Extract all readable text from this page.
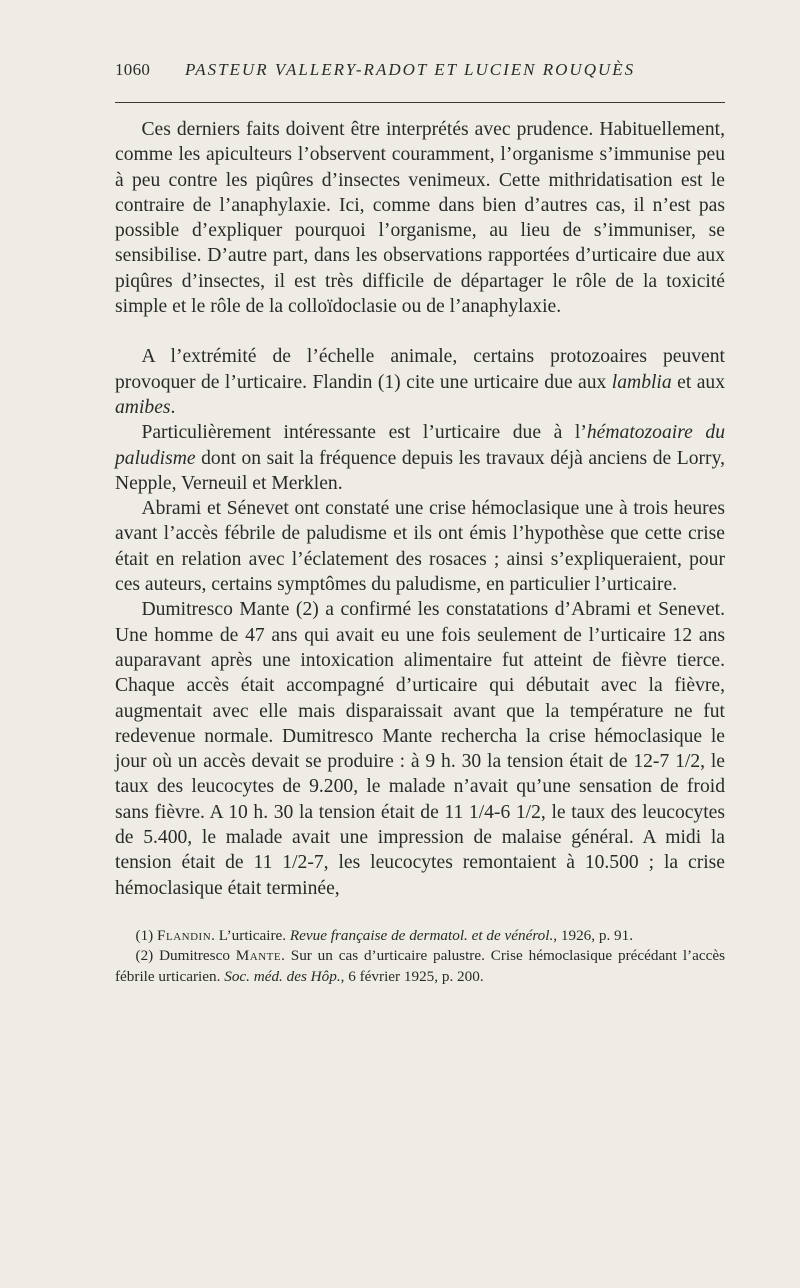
1060	PASTEUR VALLERY-RADOT ET LUCIEN ROUQUÈS

Ces derniers faits doivent être interprétés avec prudence. Habituellement, comme les apiculteurs l’observent couramment, l’organisme s’immunise peu à peu contre les piqûres d’insectes venimeux. Cette mithridatisation est le contraire de l’anaphylaxie. Ici, comme dans bien d’autres cas, il n’est pas possible d’expliquer pourquoi l’organisme, au lieu de s’immuniser, se sensibilise. D’autre part, dans les observations rapportées d’urticaire due aux piqûres d’insectes, il est très difficile de départager le rôle de la toxicité simple et le rôle de la colloïdoclasie ou de l’anaphylaxie.

A l’extrémité de l’échelle animale, certains protozoaires peuvent provoquer de l’urticaire. Flandin (1) cite une urticaire due aux lamblia et aux amibes.

Particulièrement intéressante est l’urticaire due à l’hématozoaire du paludisme dont on sait la fréquence depuis les travaux déjà anciens de Lorry, Nepple, Verneuil et Merklen.

Abrami et Sénevet ont constaté une crise hémoclasique une à trois heures avant l’accès fébrile de paludisme et ils ont émis l’hypothèse que cette crise était en relation avec l’éclatement des rosaces ; ainsi s’expliqueraient, pour ces auteurs, certains symptômes du paludisme, en particulier l’urticaire.

Dumitresco Mante (2) a confirmé les constatations d’Abrami et Senevet. Une homme de 47 ans qui avait eu une fois seulement de l’urticaire 12 ans auparavant après une intoxication alimentaire fut atteint de fièvre tierce. Chaque accès était accompagné d’urticaire qui débutait avec la fièvre, augmentait avec elle mais disparaissait avant que la température ne fut redevenue normale. Dumitresco Mante rechercha la crise hémoclasique le jour où un accès devait se produire : à 9 h. 30 la tension était de 12-7 1/2, le taux des leucocytes de 9.200, le malade n’avait qu’une sensation de froid sans fièvre. A 10 h. 30 la tension était de 11 1/4-6 1/2, le taux des leucocytes de 5.400, le malade avait une impression de malaise général. A midi la tension était de 11 1/2-7, les leucocytes remontaient à 10.500 ; la crise hémoclasique était terminée,

(1) Flandin. L’urticaire. Revue française de dermatol. et de vénérol., 1926, p. 91.

(2) Dumitresco Mante. Sur un cas d’urticaire palustre. Crise hémoclasique précédant l’accès fébrile urticarien. Soc. méd. des Hôp., 6 février 1925, p. 200.
